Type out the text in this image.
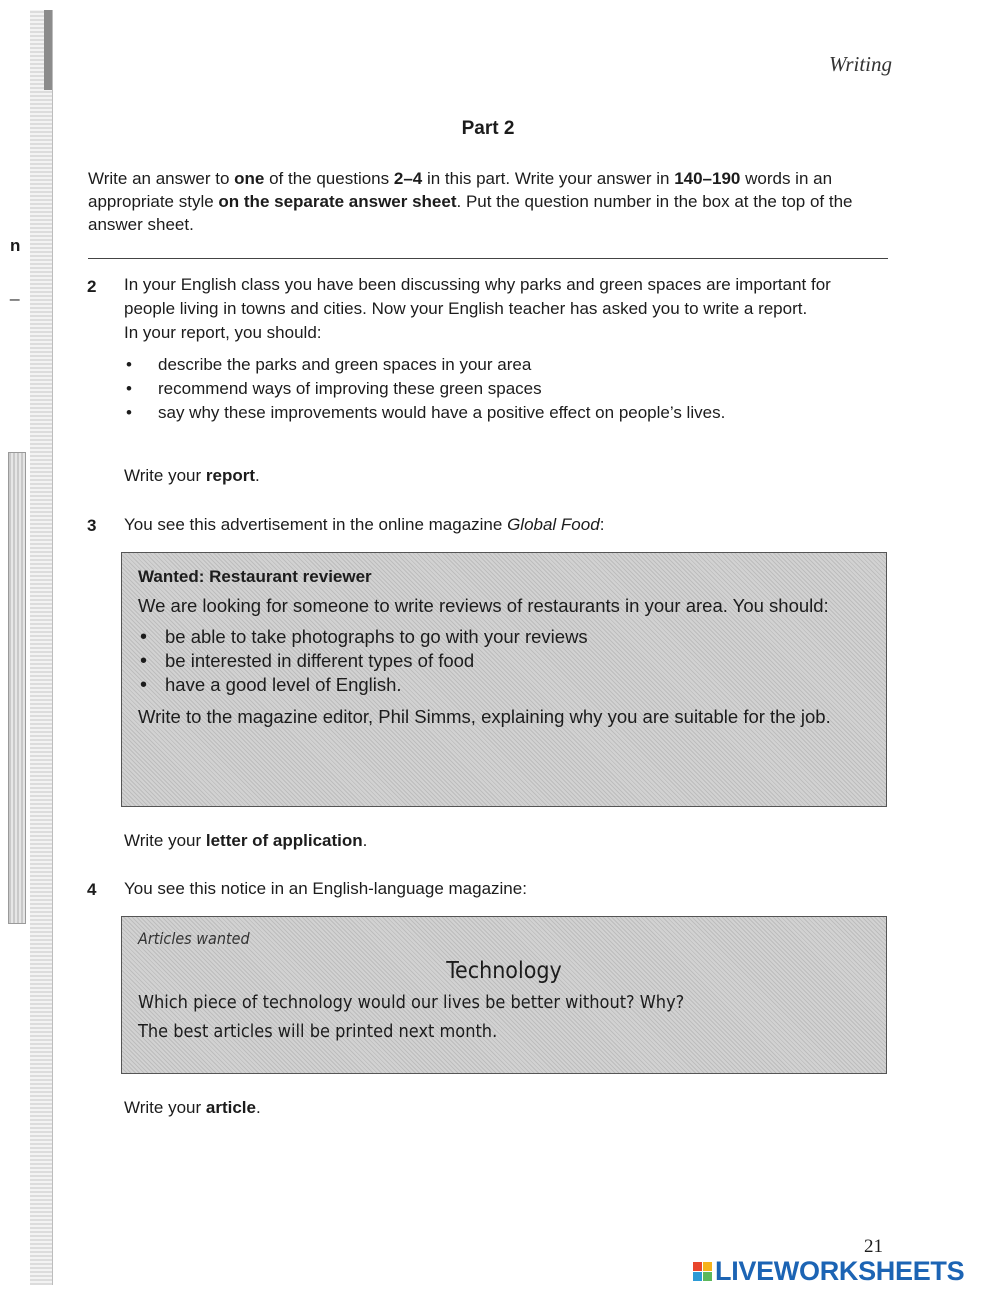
n
_
Writing
Part 2
Write an answer to one of the questions 2–4 in this part. Write your answer in 140–190 words in an appropriate style on the separate answer sheet. Put the question number in the box at the top of the answer sheet.
2 In your English class you have been discussing why parks and green spaces are important for people living in towns and cities. Now your English teacher has asked you to write a report.

In your report, you should:

• describe the parks and green spaces in your area
• recommend ways of improving these green spaces
• say why these improvements would have a positive effect on people’s lives.
Write your report.
3 You see this advertisement in the online magazine Global Food:
Wanted: Restaurant reviewer

We are looking for someone to write reviews of restaurants in your area. You should:

• be able to take photographs to go with your reviews
• be interested in different types of food
• have a good level of English.

Write to the magazine editor, Phil Simms, explaining why you are suitable for the job.

Write your letter of application.
4 You see this notice in an English-language magazine:
Articles wanted
Technology
Which piece of technology would our lives be better without? Why?
The best articles will be printed next month.
Write your article.
21
LIVEWORKSHEETS
